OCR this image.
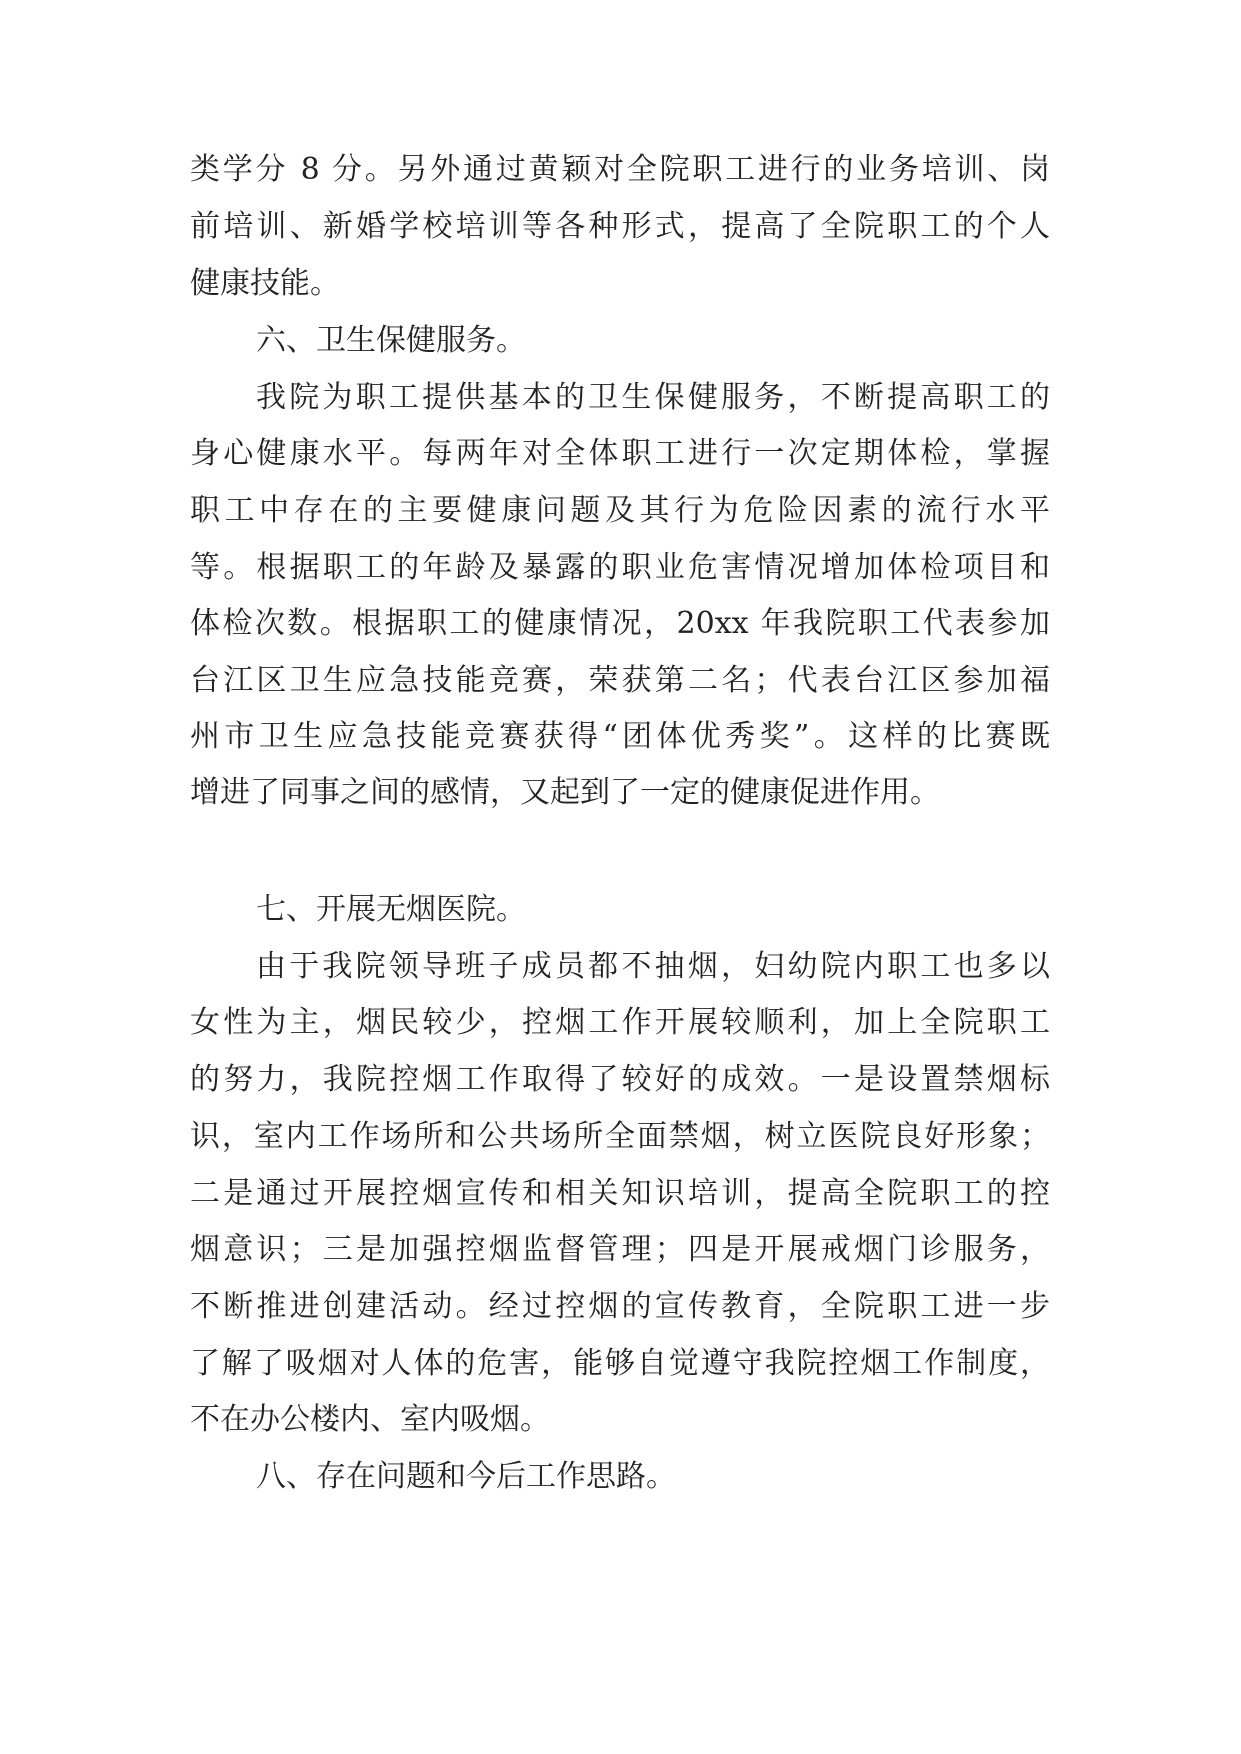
类学分 8 分。另外通过黄颖对全院职工进行的业务培训、岗
前培训、新婚学校培训等各种形式，提高了全院职工的个人
健康技能。
六、卫生保健服务。
我院为职工提供基本的卫生保健服务，不断提高职工的
身心健康水平。每两年对全体职工进行一次定期体检，掌握
职工中存在的主要健康问题及其行为危险因素的流行水平
等。根据职工的年龄及暴露的职业危害情况增加体检项目和
体检次数。根据职工的健康情况，20xx 年我院职工代表参加
台江区卫生应急技能竞赛，荣获第二名；代表台江区参加福
州市卫生应急技能竞赛获得“团体优秀奖”。这样的比赛既
增进了同事之间的感情，又起到了一定的健康促进作用。
七、开展无烟医院。
由于我院领导班子成员都不抽烟，妇幼院内职工也多以
女性为主，烟民较少，控烟工作开展较顺利，加上全院职工
的努力，我院控烟工作取得了较好的成效。一是设置禁烟标
识，室内工作场所和公共场所全面禁烟，树立医院良好形象；
二是通过开展控烟宣传和相关知识培训，提高全院职工的控
烟意识；三是加强控烟监督管理；四是开展戒烟门诊服务，
不断推进创建活动。经过控烟的宣传教育，全院职工进一步
了解了吸烟对人体的危害，能够自觉遵守我院控烟工作制度，
不在办公楼内、室内吸烟。
八、存在问题和今后工作思路。
